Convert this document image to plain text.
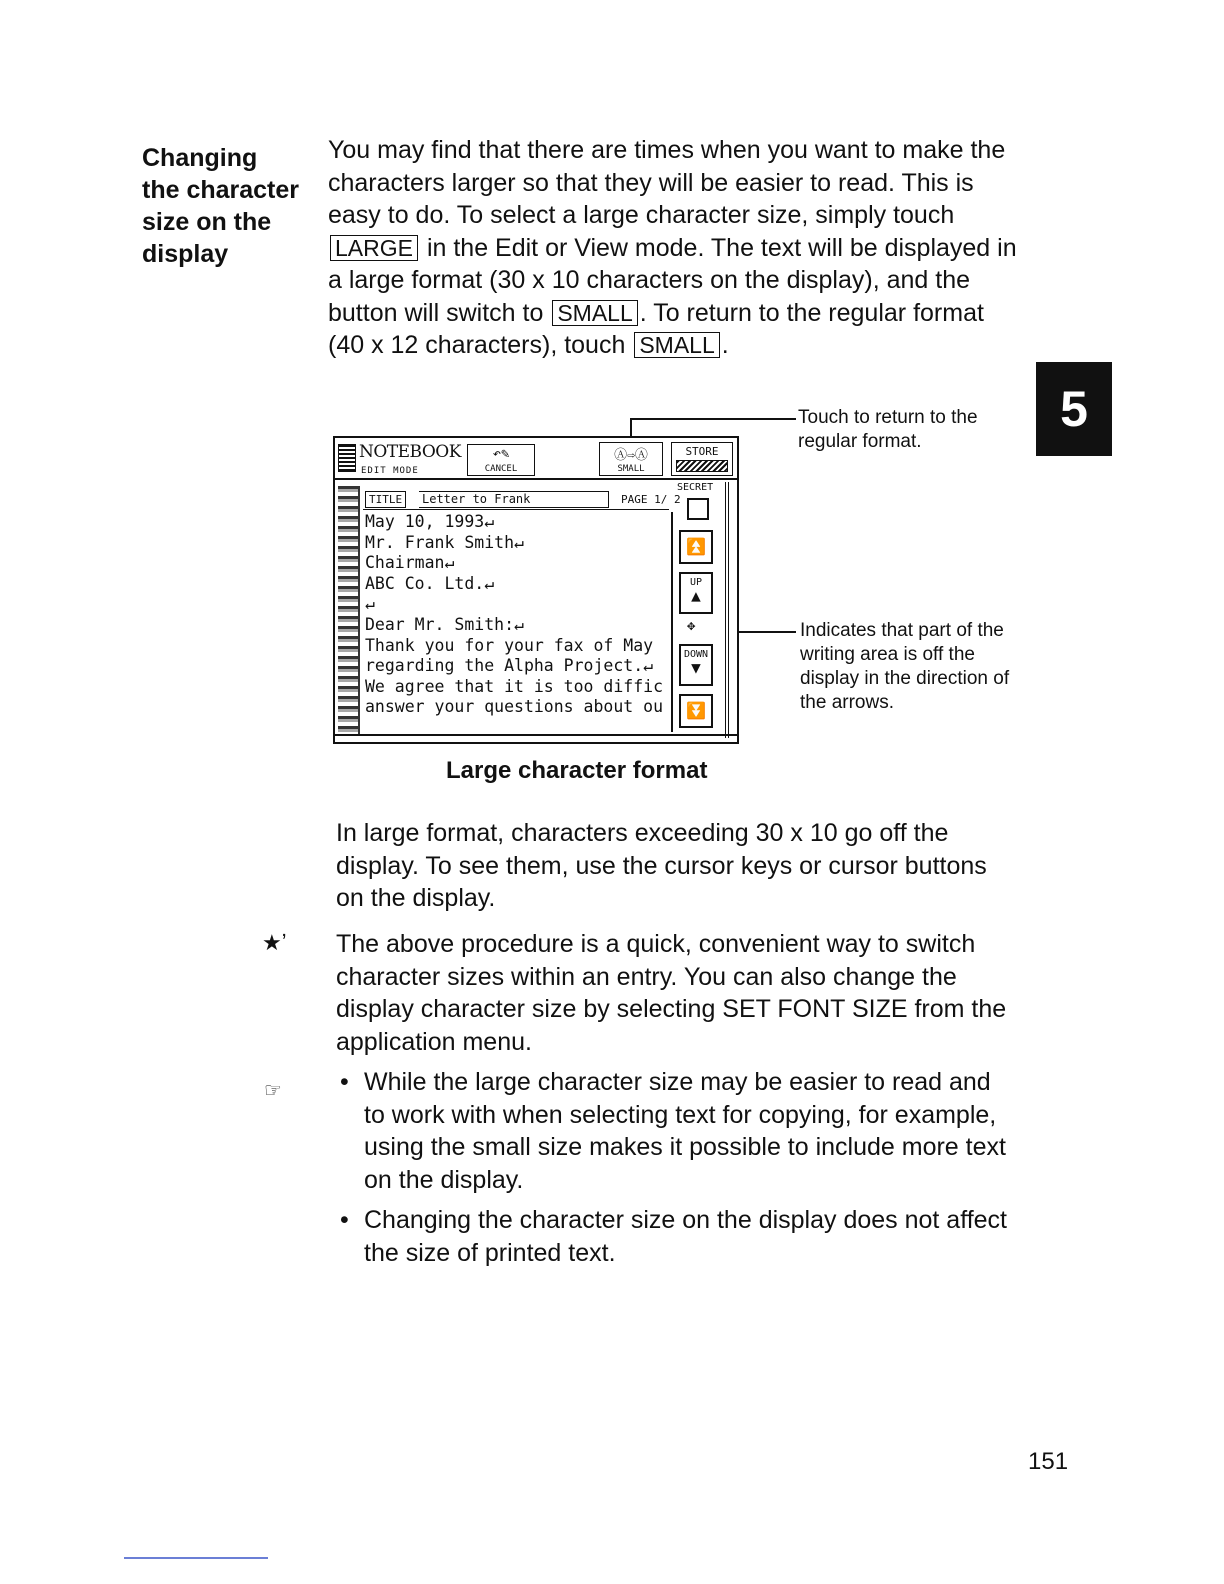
Changing
the character
size on the
display

You may find that there are times when you want to make the characters larger so that they will be easier to read. This is easy to do. To select a large character size, simply touch LARGE in the Edit or View mode. The text will be displayed in a large format (30 x 10 characters on the display), and the button will switch to SMALL . To return to the regular format (40 x 12 characters), touch SMALL .

5
Touch to return to the regular format.
Indicates that part of the writing area is off the display in the direction of the arrows.
NOTEBOOK
EDIT MODE
↶✎
CANCEL
Ⓐ⇨Ⓐ
SMALL
STORE
TITLE	Letter to Frank	PAGE 1/ 2
SECRET
May 10, 1993↵
Mr. Frank Smith↵
Chairman↵
ABC Co. Ltd.↵
↵
Dear Mr. Smith:↵
Thank you for your fax of May
regarding the Alpha Project.↵
We agree that it is too diffic
answer your questions about ou
⏫
UP
▲
✥
DOWN
▼
⏬
Large character format

In large format, characters exceeding 30 x 10 go off the display. To see them, use the cursor keys or cursor buttons on the display.

★ʼ The above procedure is a quick, convenient way to switch character sizes within an entry. You can also change the display character size by selecting SET FONT SIZE from the application menu.

☞
•	While the large character size may be easier to read and to work with when selecting text for copying, for example, using the small size makes it possible to include more text on the display.
• Changing the character size on the display does not affect the size of printed text.
151
